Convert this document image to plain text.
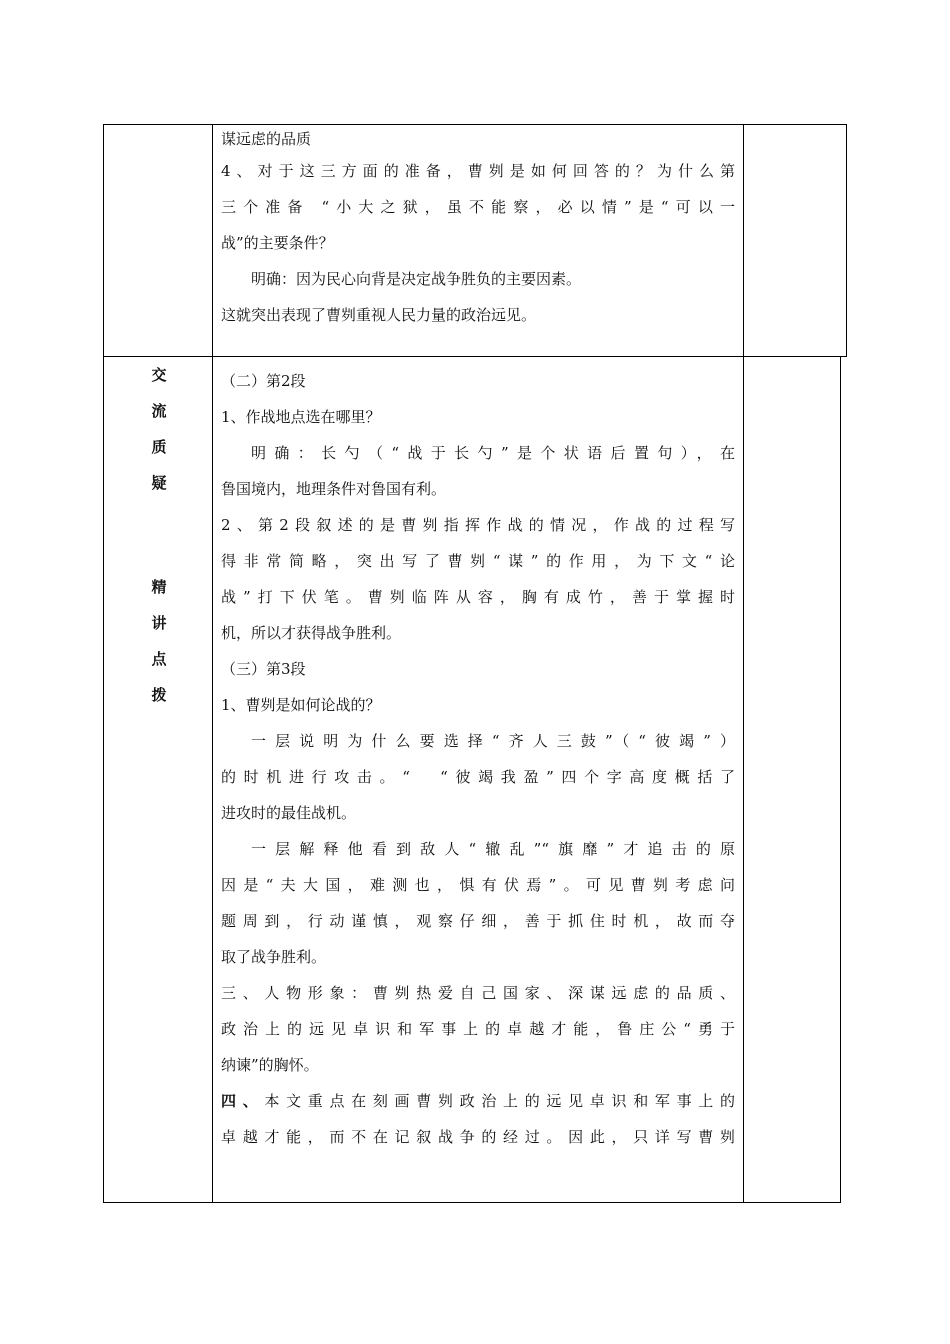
谋远虑的品质
4、对于这三方面的准备，曹刿是如何回答的？为什么第
三个准备 “小大之狱，虽不能察，必以情”是“可以一
战”的主要条件？
明确：因为民心向背是决定战争胜负的主要因素。
这就突出表现了曹刿重视人民力量的政治远见。
交
流
质
疑
精
讲
点
拨
（二）第2段
1、作战地点选在哪里？
明确：长勺（“战于长勺”是个状语后置句），在
鲁国境内，地理条件对鲁国有利。
2、第2段叙述的是曹刿指挥作战的情况，作战的过程写
得非常简略，突出写了曹刿“谋”的作用，为下文“论
战”打下伏笔。曹刿临阵从容，胸有成竹，善于掌握时
机，所以才获得战争胜利。
（三）第3段
1、曹刿是如何论战的？
一层说明为什么要选择“齐人三鼓”（“彼竭”）
的时机进行攻击。“　“彼竭我盈”四个字高度概括了
进攻时的最佳战机。
一层解释他看到敌人“辙乱”“旗靡”才追击的原
因是“夫大国，难测也，惧有伏焉”。可见曹刿考虑问
题周到，行动谨慎，观察仔细，善于抓住时机，故而夺
取了战争胜利。
三、人物形象：曹刿热爱自己国家、深谋远虑的品质、
政治上的远见卓识和军事上的卓越才能，鲁庄公“勇于
纳谏”的胸怀。
四、本文重点在刻画曹刿政治上的远见卓识和军事上的
卓越才能，而不在记叙战争的经过。因此，只详写曹刿
